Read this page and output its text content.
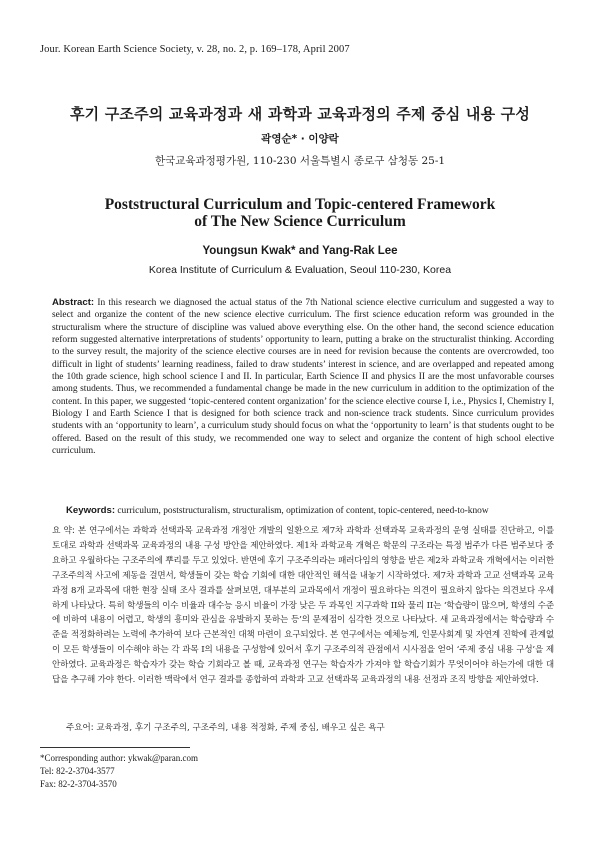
Jour. Korean Earth Science Society, v. 28, no. 2, p. 169–178, April 2007
후기 구조주의 교육과정과 새 과학과 교육과정의 주제 중심 내용 구성
곽영순* · 이양락
한국교육과정평가원, 110-230 서울특별시 종로구 삼청동 25-1
Poststructural Curriculum and Topic-centered Framework
of The New Science Curriculum
Youngsun Kwak* and Yang-Rak Lee
Korea Institute of Curriculum & Evaluation, Seoul 110-230, Korea
Abstract: In this research we diagnosed the actual status of the 7th National science elective curriculum and suggested a way to select and organize the content of the new science elective curriculum. The first science education reform was grounded in the structuralism where the structure of discipline was valued above everything else. On the other hand, the second science education reform suggested alternative interpretations of students’ opportunity to learn, putting a brake on the structuralist thinking. According to the survey result, the majority of the science elective courses are in need for revision because the contents are overcrowded, too difficult in light of students’ learning readiness, failed to draw students’ interest in science, and are overlapped and repeated among the 10th grade science, high school science I and II. In particular, Earth Science II and physics II are the most unfavorable courses among students. Thus, we recommended a fundamental change be made in the new curriculum in addition to the optimization of the content. In this paper, we suggested ‘topic-centered content organization’ for the science elective course I, i.e., Physics I, Chemistry I, Biology I and Earth Science I that is designed for both science track and non-science track students. Since curriculum provides students with an ‘opportunity to learn’, a curriculum study should focus on what the ‘opportunity to learn’ is that students ought to be offered. Based on the result of this study, we recommended one way to select and organize the content of high school elective curriculum.
Keywords: curriculum, poststructuralism, structuralism, optimization of content, topic-centered, need-to-know
요 약: 본 연구에서는 과학과 선택과목 교육과정 개정안 개발의 일환으로 제7차 과학과 선택과목 교육과정의 운영 실태를 진단하고, 이를 토대로 과학과 선택과목 교육과정의 내용 구성 방안을 제안하였다. 제1차 과학교육 개혁은 학문의 구조라는 특정 범주가 다른 범주보다 중요하고 우월하다는 구조주의에 뿌리를 두고 있었다. 반면에 후기 구조주의라는 패러다임의 영향을 받은 제2차 과학교육 개혁에서는 이러한 구조주의적 사고에 제동을 걸면서, 학생들이 갖는 학습 기회에 대한 대안적인 해석을 내놓기 시작하였다. 제7차 과학과 고교 선택과목 교육과정 8개 교과목에 대한 현장 실태 조사 결과를 살펴보면, 대부분의 교과목에서 개정이 필요하다는 의견이 필요하지 않다는 의견보다 우세하게 나타났다. 특히 학생들의 이수 비율과 대수능 응시 비율이 가장 낮은 두 과목인 지구과학 II와 물리 II는 ‘학습량이 많으며, 학생의 수준에 비하여 내용이 어렵고, 학생의 흥미와 관심을 유발하지 못하는 등’의 문제점이 심각한 것으로 나타났다. 새 교육과정에서는 학습량과 수준을 적정화하려는 노력에 추가하여 보다 근본적인 대책 마련이 요구되었다. 본 연구에서는 예체능계, 인문사회계 및 자연계 진학에 관계없이 모든 학생들이 이수해야 하는 각 과목 I의 내용을 구성함에 있어서 후기 구조주의적 관점에서 시사점을 얻어 ‘주제 중심 내용 구성’을 제안하였다. 교육과정은 학습자가 갖는 학습 기회라고 볼 때, 교육과정 연구는 학습자가 가져야 할 학습기회가 무엇이어야 하는가에 대한 대답을 추구해 가야 한다. 이러한 맥락에서 연구 결과를 종합하여 과학과 고교 선택과목 교육과정의 내용 선정과 조직 방향을 제안하였다.
주요어: 교육과정, 후기 구조주의, 구조주의, 내용 적정화, 주제 중심, 배우고 싶은 욕구
*Corresponding author: ykwak@paran.com
Tel: 82-2-3704-3577
Fax: 82-2-3704-3570
